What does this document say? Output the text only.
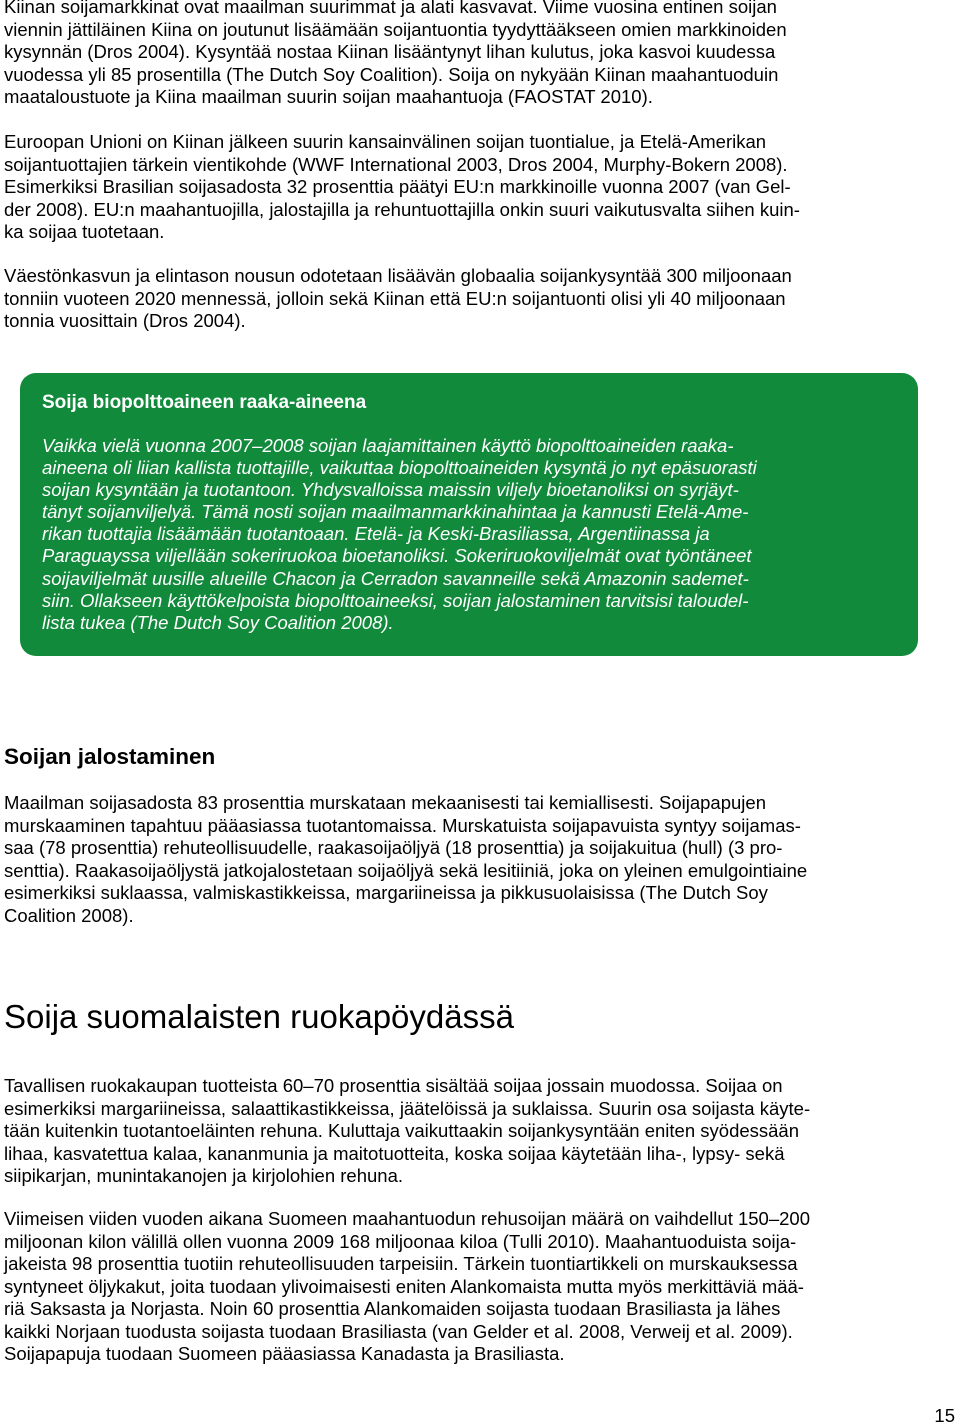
Kiinan soijamarkkinat ovat maailman suurimmat ja alati kasvavat. Viime vuosina entinen soijan
viennin jättiläinen Kiina on joutunut lisäämään soijantuontia tyydyttääkseen omien markkinoiden
kysynnän (Dros 2004). Kysyntää nostaa Kiinan lisääntynyt lihan kulutus, joka kasvoi kuudessa
vuodessa yli 85 prosentilla (The Dutch Soy Coalition). Soija on nykyään Kiinan maahantuoduin
maataloustuote ja Kiina maailman suurin soijan maahantuoja (FAOSTAT 2010).

Euroopan Unioni on Kiinan jälkeen suurin kansainvälinen soijan tuontialue, ja Etelä-Amerikan
soijantuottajien tärkein vientikohde (WWF International 2003, Dros 2004, Murphy-Bokern 2008).
Esimerkiksi Brasilian soijasadosta 32 prosenttia päätyi EU:n markkinoille vuonna 2007 (van Gel-
der 2008). EU:n maahantuojilla, jalostajilla ja rehuntuottajilla onkin suuri vaikutusvalta siihen kuin-
ka soijaa tuotetaan.

Väestönkasvun ja elintason nousun odotetaan lisäävän globaalia soijankysyntää 300 miljoonaan
tonniin vuoteen 2020 mennessä, jolloin sekä Kiinan että EU:n soijantuonti olisi yli 40 miljoonaan
tonnia vuosittain (Dros 2004).

Soija biopolttoaineen raaka-aineena

Vaikka vielä vuonna 2007–2008 soijan laajamittainen käyttö biopolttoaineiden raaka-
aineena oli liian kallista tuottajille, vaikuttaa biopolttoaineiden kysyntä jo nyt epäsuorasti
soijan kysyntään ja tuotantoon. Yhdysvalloissa maissin viljely bioetanoliksi on syrjäyt-
tänyt soijanviljelyä. Tämä nosti soijan maailmanmarkkinahintaa ja kannusti Etelä-Ame-
rikan tuottajia lisäämään tuotantoaan. Etelä- ja Keski-Brasiliassa, Argentiinassa ja
Paraguayssa viljellään sokeriruokoa bioetanoliksi. Sokeriruokoviljelmät ovat työntäneet
soijaviljelmät uusille alueille Chacon ja Cerradon savanneille sekä Amazonin sademet-
siin. Ollakseen käyttökelpoista biopolttoaineeksi, soijan jalostaminen tarvitsisi taloudel-
lista tukea (The Dutch Soy Coalition 2008).

Soijan jalostaminen

Maailman soijasadosta 83 prosenttia murskataan mekaanisesti tai kemiallisesti. Soijapapujen
murskaaminen tapahtuu pääasiassa tuotantomaissa. Murskatuista soijapavuista syntyy soijamas-
saa (78 prosenttia) rehuteollisuudelle, raakasoijaöljyä (18 prosenttia) ja soijakuitua (hull) (3 pro-
senttia). Raakasoijaöljystä jatkojalostetaan soijaöljyä sekä lesitiiniä, joka on yleinen emulgointiaine
esimerkiksi suklaassa, valmiskastikkeissa, margariineissa ja pikkusuolaisissa (The Dutch Soy
Coalition 2008).

Soija suomalaisten ruokapöydässä

Tavallisen ruokakaupan tuotteista 60–70 prosenttia sisältää soijaa jossain muodossa. Soijaa on
esimerkiksi margariineissa, salaattikastikkeissa, jäätelöissä ja suklaissa. Suurin osa soijasta käyte-
tään kuitenkin tuotantoeläinten rehuna. Kuluttaja vaikuttaakin soijankysyntään eniten syödessään
lihaa, kasvatettua kalaa, kananmunia ja maitotuotteita, koska soijaa käytetään liha-, lypsy- sekä
siipikarjan, munintakanojen ja kirjolohien rehuna.

Viimeisen viiden vuoden aikana Suomeen maahantuodun rehusoijan määrä on vaihdellut 150–200
miljoonan kilon välillä ollen vuonna 2009 168 miljoonaa kiloa (Tulli 2010). Maahantuoduista soija-
jakeista 98 prosenttia tuotiin rehuteollisuuden tarpeisiin. Tärkein tuontiartikkeli on murskauksessa
syntyneet öljykakut, joita tuodaan ylivoimaisesti eniten Alankomaista mutta myös merkittäviä mää-
riä Saksasta ja Norjasta. Noin 60 prosenttia Alankomaiden soijasta tuodaan Brasiliasta ja lähes
kaikki Norjaan tuodusta soijasta tuodaan Brasiliasta (van Gelder et al. 2008, Verweij et al. 2009).
Soijapapuja tuodaan Suomeen pääasiassa Kanadasta ja Brasiliasta.

15
